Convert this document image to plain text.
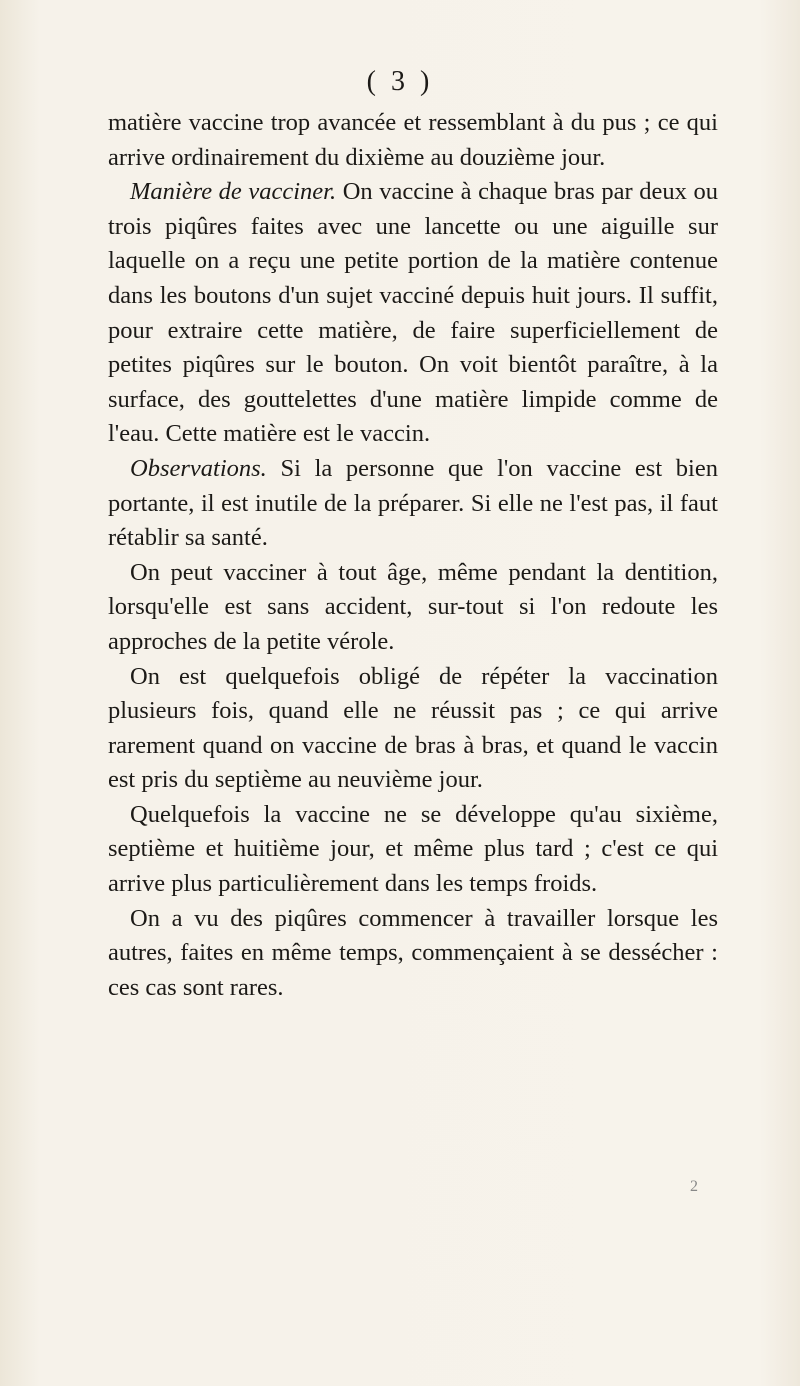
( 3 )

matière vaccine trop avancée et ressemblant à du pus ; ce qui arrive ordinairement du dixième au douzième jour.

Manière de vacciner. On vaccine à chaque bras par deux ou trois piqûres faites avec une lancette ou une aiguille sur laquelle on a reçu une petite portion de la matière contenue dans les boutons d'un sujet vacciné depuis huit jours. Il suffit, pour extraire cette matière, de faire superficiellement de petites piqûres sur le bouton. On voit bientôt paraître, à la surface, des gouttelettes d'une matière limpide comme de l'eau. Cette matière est le vaccin.

Observations. Si la personne que l'on vaccine est bien portante, il est inutile de la préparer. Si elle ne l'est pas, il faut rétablir sa santé.

On peut vacciner à tout âge, même pendant la dentition, lorsqu'elle est sans accident, sur-tout si l'on redoute les approches de la petite vérole.

On est quelquefois obligé de répéter la vaccination plusieurs fois, quand elle ne réussit pas ; ce qui arrive rarement quand on vaccine de bras à bras, et quand le vaccin est pris du septième au neuvième jour.

Quelquefois la vaccine ne se développe qu'au sixième, septième et huitième jour, et même plus tard ; c'est ce qui arrive plus particulièrement dans les temps froids.

On a vu des piqûres commencer à travailler lorsque les autres, faites en même temps, commençaient à se dessécher : ces cas sont rares.

2
